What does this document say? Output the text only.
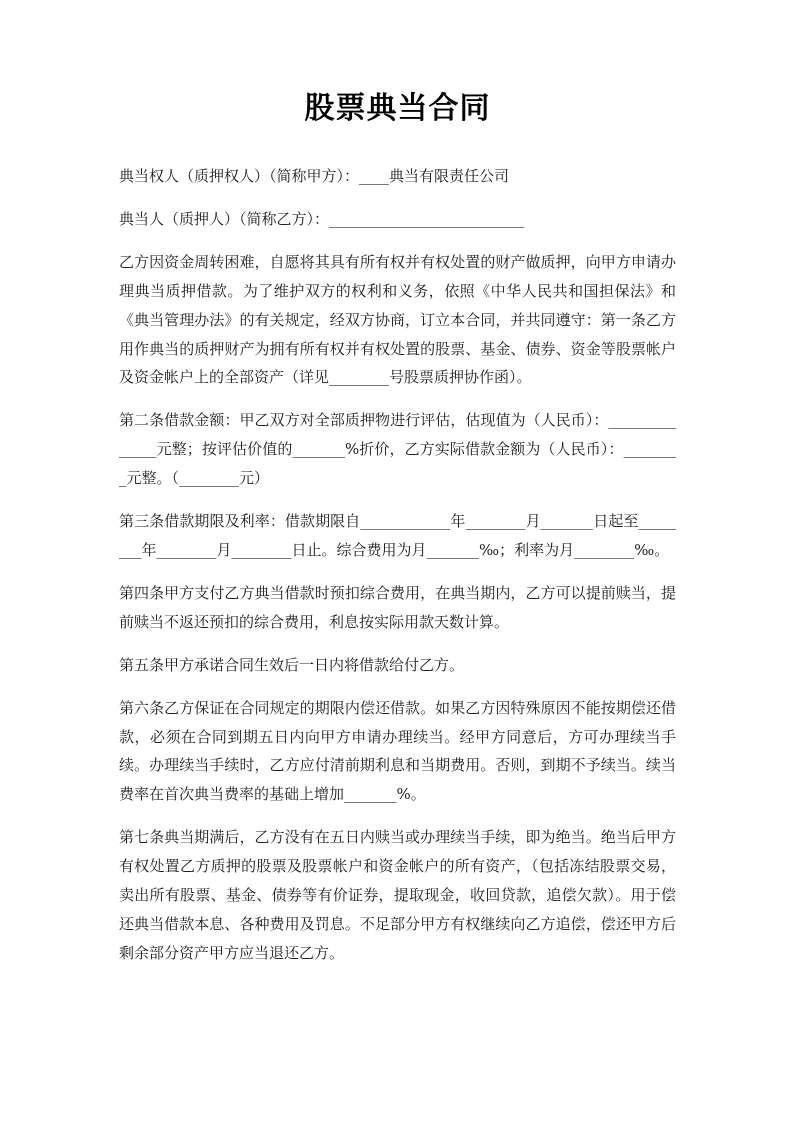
股票典当合同

典当权人（质押权人）（简称甲方）：____典当有限责任公司

典当人（质押人）（简称乙方）：__________________________

乙方因资金周转困难，自愿将其具有所有权并有权处置的财产做质押，向甲方申请办理典当质押借款。为了维护双方的权利和义务，依照《中华人民共和国担保法》和《典当管理办法》的有关规定，经双方协商，订立本合同，并共同遵守：第一条乙方用作典当的质押财产为拥有所有权并有权处置的股票、基金、债券、资金等股票帐户及资金帐户上的全部资产（详见________号股票质押协作函）。

第二条借款金额：甲乙双方对全部质押物进行评估，估现值为（人民币）：______________元整；按评估价值的_______%折价，乙方实际借款金额为（人民币）：________元整。（________元）

第三条借款期限及利率：借款期限自____________年________月_______日起至________年________月________日止。综合费用为月_______‰；利率为月________‰。

第四条甲方支付乙方典当借款时预扣综合费用，在典当期内，乙方可以提前赎当，提前赎当不返还预扣的综合费用，利息按实际用款天数计算。

第五条甲方承诺合同生效后一日内将借款给付乙方。

第六条乙方保证在合同规定的期限内偿还借款。如果乙方因特殊原因不能按期偿还借款，必须在合同到期五日内向甲方申请办理续当。经甲方同意后，方可办理续当手续。办理续当手续时，乙方应付清前期利息和当期费用。否则，到期不予续当。续当费率在首次典当费率的基础上增加_______%。

第七条典当期满后，乙方没有在五日内赎当或办理续当手续，即为绝当。绝当后甲方有权处置乙方质押的股票及股票帐户和资金帐户的所有资产，（包括冻结股票交易，卖出所有股票、基金、债券等有价证券，提取现金，收回贷款，追偿欠款）。用于偿还典当借款本息、各种费用及罚息。不足部分甲方有权继续向乙方追偿，偿还甲方后剩余部分资产甲方应当退还乙方。
